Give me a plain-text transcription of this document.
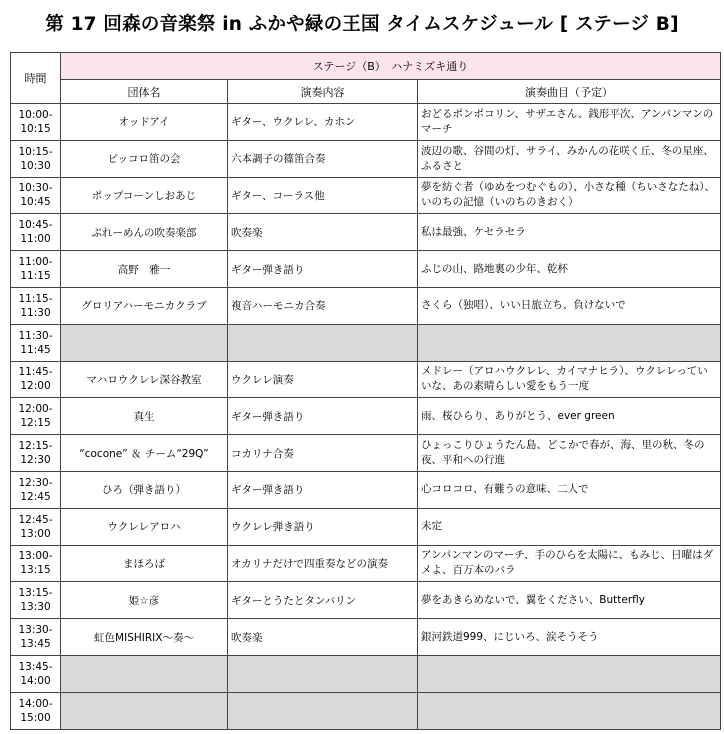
第 17 回森の音楽祭 in ふかや緑の王国 タイムスケジュール [ ステージ B]
時間	ステージ（B）　ハナミズキ通り		
	団体名	演奏内容	演奏曲目（予定）

10:00-
10:15	オッドアイ	ギター、ウクレレ、カホン	おどるポンポコリン、サザエさん、銭形平次、アンパンマンのマーチ

10:15-
10:30	ピッコロ笛の会	六本調子の篠笛合奏	波辺の歌、谷間の灯、サライ、みかんの花咲く丘、冬の星座、ふるさと

10:30-
10:45	ポップコーンしおあじ	ギター、コーラス他	夢を紡ぐ者（ゆめをつむぐもの）、小さな種（ちいさなたね）、いのちの記憶（いのちのきおく）

10:45-
11:00	ぷれーめんの吹奏楽部	吹奏楽	私は最強、ケセラセラ

11:00-
11:15	高野　雅一	ギター弾き語り	ふじの山、路地裏の少年、乾杯

11:15-
11:30	グロリアハーモニカクラブ	複音ハーモニカ合奏	さくら（独唱）、いい日旅立ち、負けないで

11:30-
11:45			

11:45-
12:00	マハロウクレレ深谷教室	ウクレレ演奏	メドレー（アロハウクレレ、カイマナヒラ）、ウクレレっていいな、あの素晴らしい愛をもう一度

12:00-
12:15	真生	ギター弾き語り	雨、桜ひらり、ありがとう、ever green

12:15-
12:30	“cocone” ＆ チーム“29Q”	コカリナ合奏	ひょっこりひょうたん島、どこかで春が、海、里の秋、冬の夜、平和への行進

12:30-
12:45	ひろ（弾き語り）	ギター弾き語り	心コロコロ、有難うの意味、二人で

12:45-
13:00	ウクレレアロハ	ウクレレ弾き語り	未定

13:00-
13:15	まほろば	オカリナだけで四重奏などの演奏	アンパンマンのマーチ、手のひらを太陽に、もみじ、日曜はダメよ、百万本のバラ

13:15-
13:30	姫☆彦	ギターとうたとタンバリン	夢をあきらめないで、翼をください、Butterfly

13:30-
13:45	虹色MISHIRIX～奏～	吹奏楽	銀河鉄道999、にじいろ、涙そうそう

13:45-
14:00			

14:00-
15:00			
